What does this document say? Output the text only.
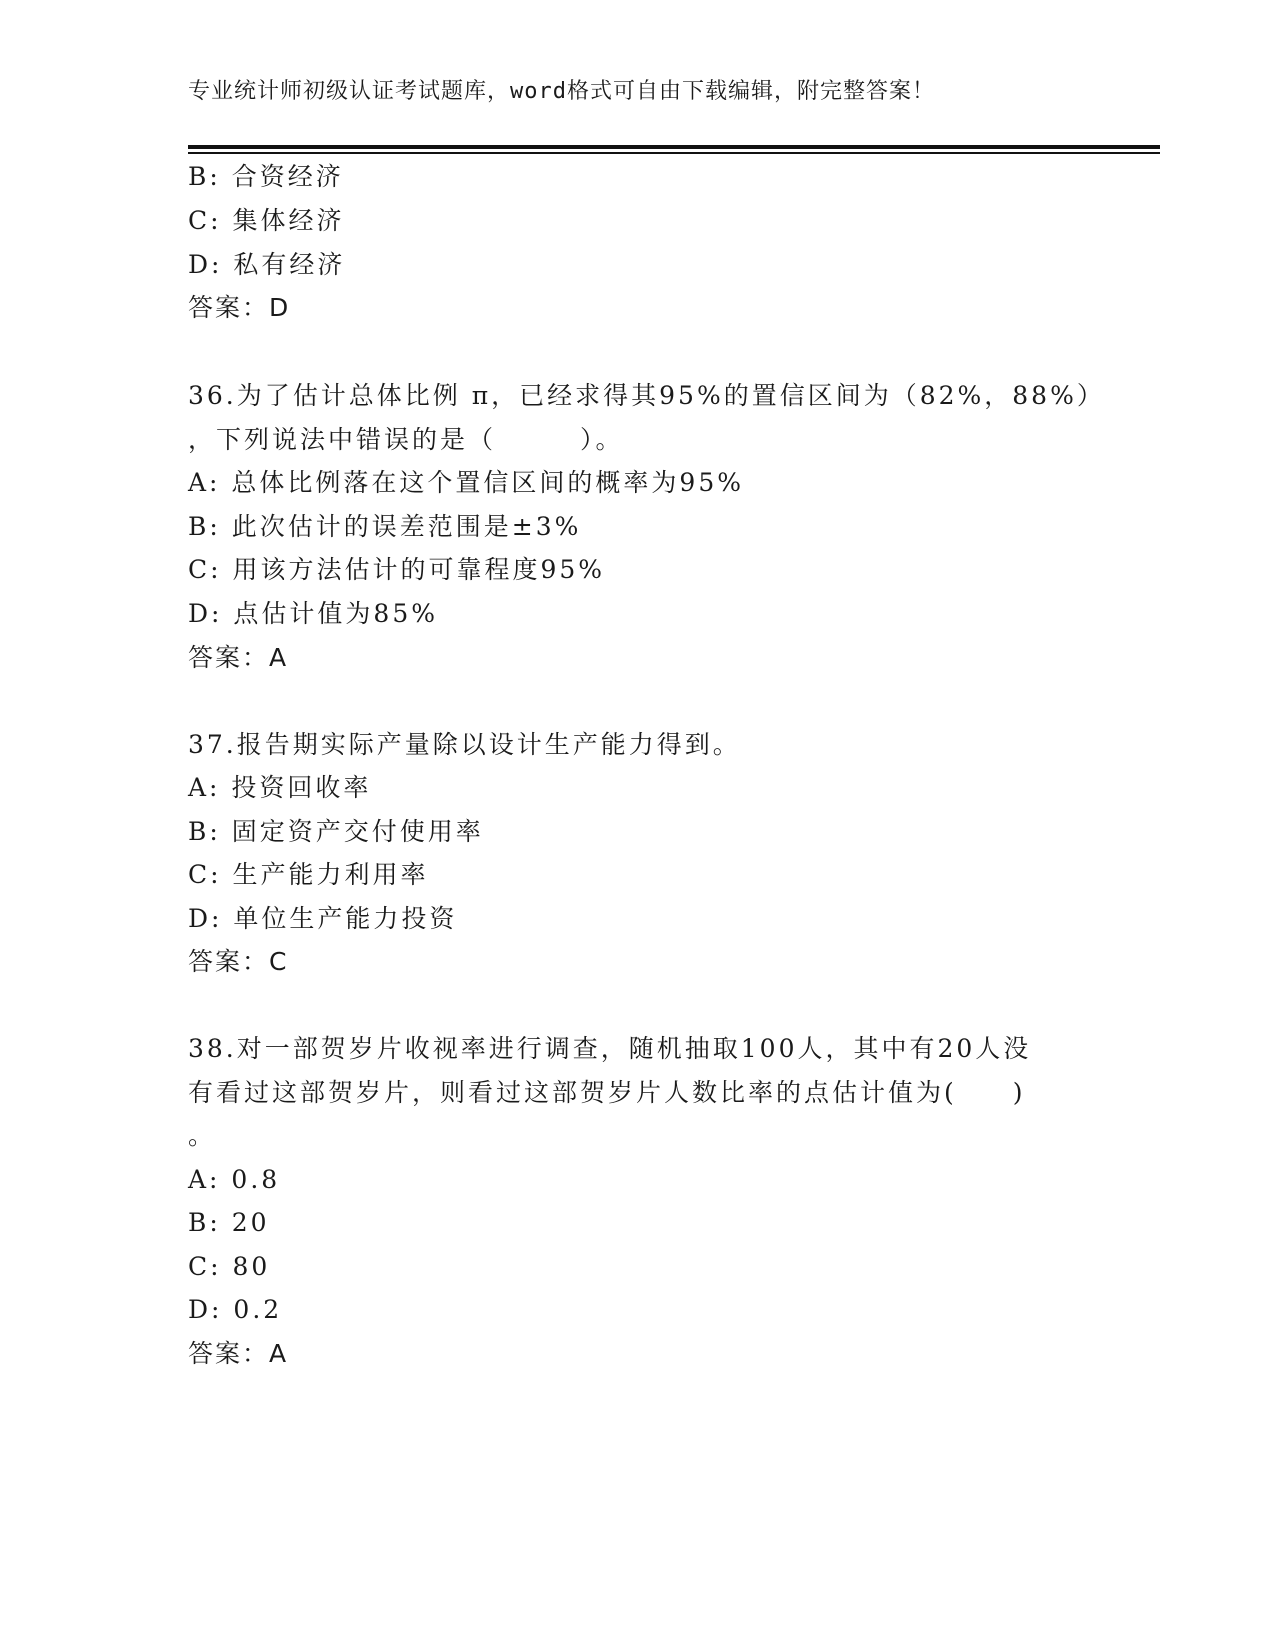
专业统计师初级认证考试题库，word格式可自由下载编辑，附完整答案！
B: 合资经济
C: 集体经济
D: 私有经济
答案：D
36.为了估计总体比例 π，已经求得其95%的置信区间为（82%，88%）
，下列说法中错误的是（　　　）。
A: 总体比例落在这个置信区间的概率为95%
B: 此次估计的误差范围是±3%
C: 用该方法估计的可靠程度95%
D: 点估计值为85%
答案：A
37.报告期实际产量除以设计生产能力得到。
A: 投资回收率
B: 固定资产交付使用率
C: 生产能力利用率
D: 单位生产能力投资
答案：C
38.对一部贺岁片收视率进行调查，随机抽取100人，其中有20人没
有看过这部贺岁片，则看过这部贺岁片人数比率的点估计值为(　　)
。
A: 0.8
B: 20
C: 80
D: 0.2
答案：A
